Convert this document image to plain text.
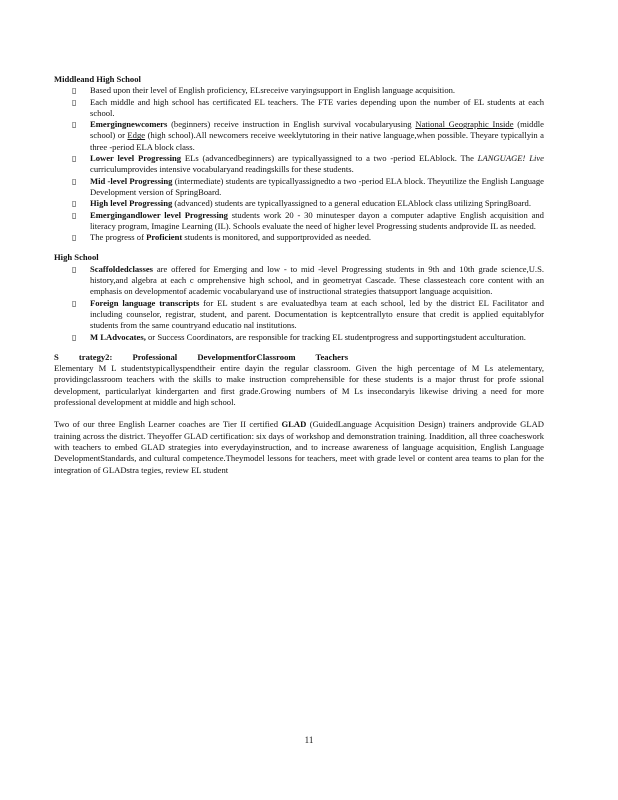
Middleand High School

▯ Based upon their level of English proficiency, ELsreceive varyingsupport in English language acquisition.
▯ Each middle and high school has certificated EL teachers. The FTE varies depending upon the number of EL students at each school.
▯ Emergingnewcomers (beginners) receive instruction in English survival vocabularyusing National Geographic Inside (middle school) or Edge (high school).All newcomers receive weeklytutoring in their native language,when possible. Theyare typicallyin a three -period ELA block class.
▯ Lower level Progressing ELs (advancedbeginners) are typicallyassigned to a two -period ELAblock. The LANGUAGE! Live curriculumprovides intensive vocabularyand readingskills for these students.
▯ Mid -level Progressing (intermediate) students are typicallyassignedto a two -period ELA block. Theyutilize the English Language Development version of SpringBoard.
▯ High level Progressing (advanced) students are typicallyassigned to a general education ELAblock class utilizing SpringBoard.
▯ Emergingandlower level Progressing students work 20 - 30 minutesper dayon a computer adaptive English acquisition and literacy program, Imagine Learning (IL). Schools evaluate the need of higher level Progressing students andprovide IL as needed.
▯ The progress of Proficient students is monitored, and supportprovided as needed.

High School

▯ Scaffoldedclasses are offered for Emerging and low - to mid -level Progressing students in 9th and 10th grade science,U.S. history,and algebra at each c omprehensive high school, and in geometryat Cascade. These classesteach core content with an emphasis on developmentof academic vocabularyand use of instructional strategies thatsupport language acquisition.
▯ Foreign language transcripts for EL student s are evaluatedbya team at each school, led by the district EL Facilitator and including counselor, registrar, student, and parent. Documentation is keptcentrallyto ensure that credit is applied equitablyfor students from the same countryand educatio nal institutions.
▯ M LAdvocates, or Success Coordinators, are responsible for tracking EL studentprogress and supportingstudent acculturation.

S trategy2: Professional DevelopmentforClassroom Teachers

Elementary M L studentstypicallyspendtheir entire dayin the regular classroom. Given the high percentage of M Ls atelementary, providingclassroom teachers with the skills to make instruction comprehensible for these students is a major thrust for profe ssional development, particularlyat kindergarten and first grade.Growing numbers of M Ls insecondaryis likewise driving a need for more professional development at middle and high school.

Two of our three English Learner coaches are Tier II certified GLAD (GuidedLanguage Acquisition Design) trainers andprovide GLAD training across the district. Theyoffer GLAD certification: six days of workshop and demonstration training. Inaddition, all three coacheswork with teachers to embed GLAD strategies into everydayinstruction, and to increase awareness of language acquisition, English Language DevelopmentStandards, and cultural competence.Theymodel lessons for teachers, meet with grade level or content area teams to plan for the integration of GLADstra tegies, review EL student

11
